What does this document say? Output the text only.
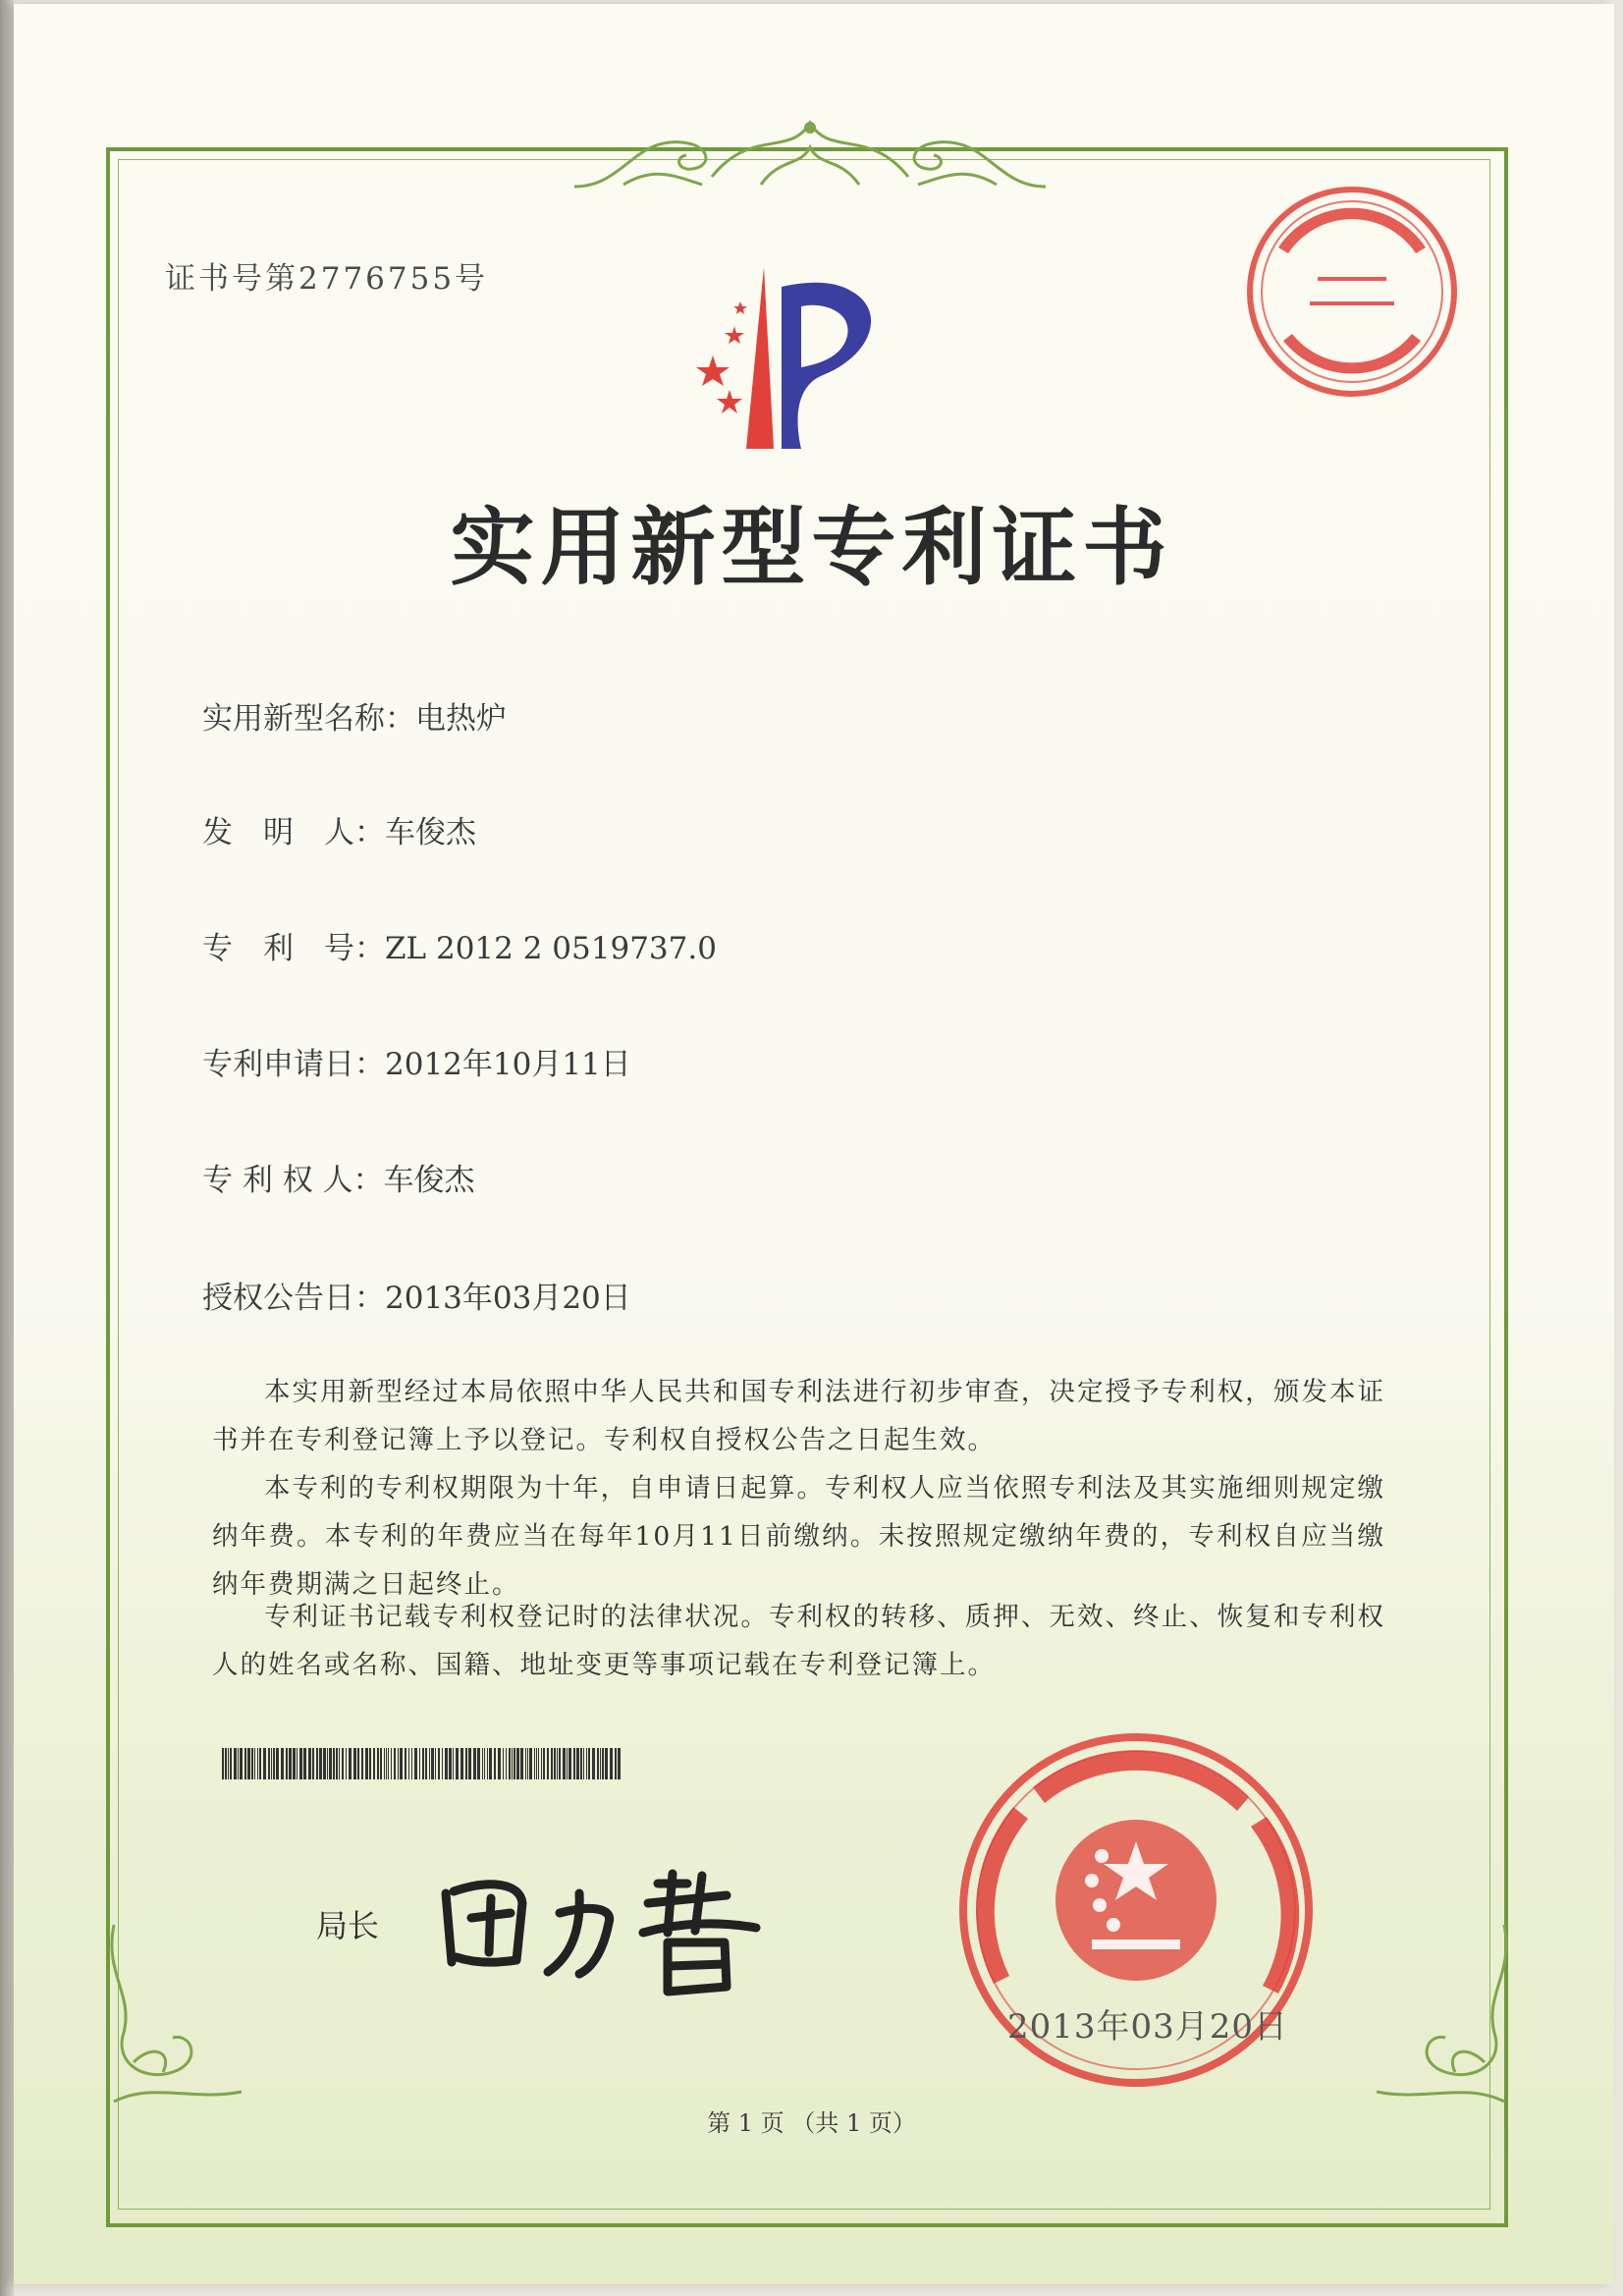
证书号第2776755号
实用新型专利证书
实用新型名称：电热炉
发　明　人：车俊杰
专　利　号：ZL 2012 2 0519737.0
专利申请日：2012年10月11日
专 利 权 人：车俊杰
授权公告日：2013年03月20日

本实用新型经过本局依照中华人民共和国专利法进行初步审查，决定授予专利权，颁发本证书并在专利登记簿上予以登记。专利权自授权公告之日起生效。

本专利的专利权期限为十年，自申请日起算。专利权人应当依照专利法及其实施细则规定缴纳年费。本专利的年费应当在每年10月11日前缴纳。未按照规定缴纳年费的，专利权自应当缴纳年费期满之日起终止。

专利证书记载专利权登记时的法律状况。专利权的转移、质押、无效、终止、恢复和专利权人的姓名或名称、国籍、地址变更等事项记载在专利登记簿上。

局长
2013年03月20日
第 1 页 （共 1 页）
